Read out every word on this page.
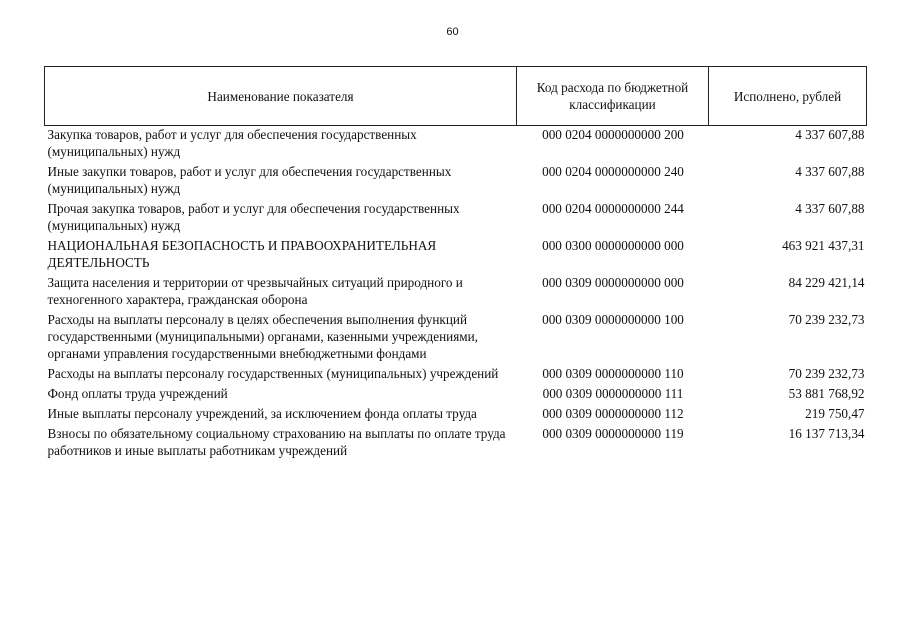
60
Наименование показателя	Код расхода по бюджетной классификации	Исполнено, рублей
Закупка товаров, работ и услуг для обеспечения государственных (муниципальных) нужд	000 0204 0000000000 200	4 337 607,88
Иные закупки товаров, работ и услуг для обеспечения государственных (муниципальных) нужд	000 0204 0000000000 240	4 337 607,88
Прочая закупка товаров, работ и услуг для обеспечения государственных (муниципальных) нужд	000 0204 0000000000 244	4 337 607,88
НАЦИОНАЛЬНАЯ БЕЗОПАСНОСТЬ И ПРАВООХРАНИТЕЛЬНАЯ ДЕЯТЕЛЬНОСТЬ	000 0300 0000000000 000	463 921 437,31
Защита населения и территории от чрезвычайных ситуаций природного и техногенного характера, гражданская оборона	000 0309 0000000000 000	84 229 421,14
Расходы на выплаты персоналу в целях обеспечения выполнения функций государственными (муниципальными) органами, казенными учреждениями, органами управления государственными внебюджетными фондами	000 0309 0000000000 100	70 239 232,73
Расходы на выплаты персоналу государственных (муниципальных) учреждений	000 0309 0000000000 110	70 239 232,73
Фонд оплаты труда учреждений	000 0309 0000000000 111	53 881 768,92
Иные выплаты персоналу учреждений, за исключением фонда оплаты труда	000 0309 0000000000 112	219 750,47
Взносы по обязательному социальному страхованию на выплаты по оплате труда работников и иные выплаты работникам учреждений	000 0309 0000000000 119	16 137 713,34
